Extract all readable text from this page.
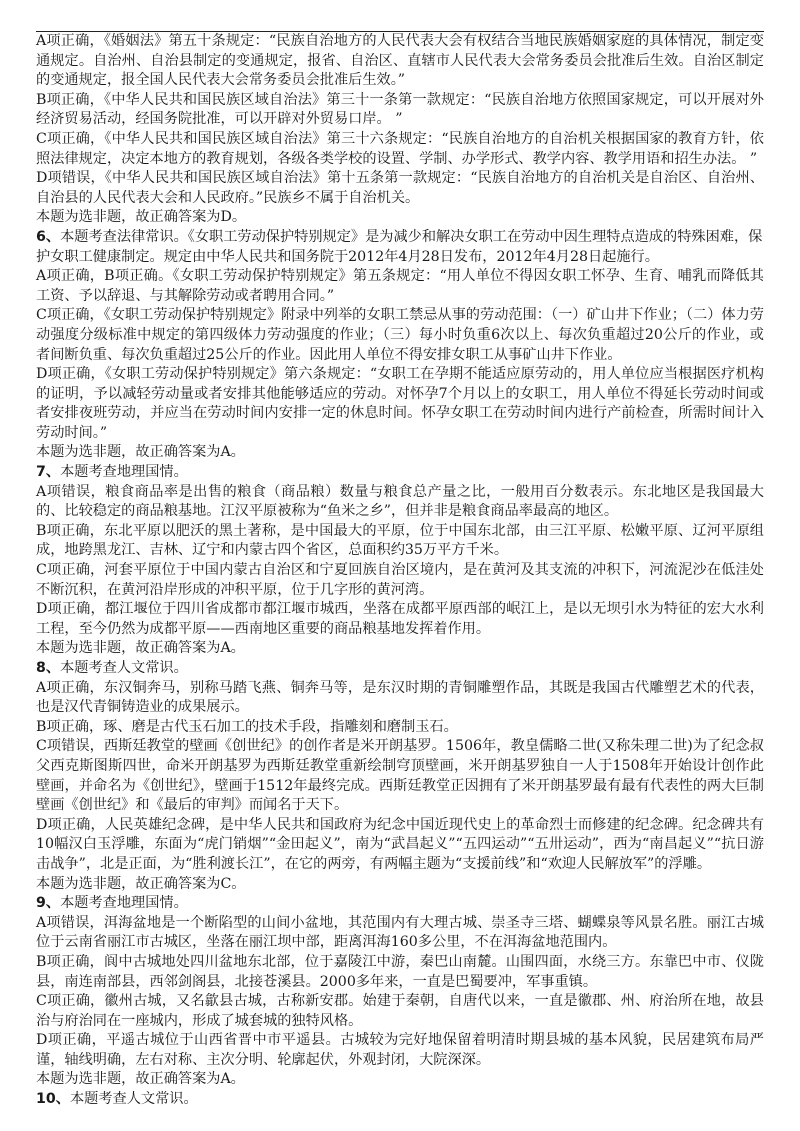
A项正确，《婚姻法》第五十条规定：“民族自治地方的人民代表大会有权结合当地民族婚姻家庭的具体情况，制定变通规定。自治州、自治县制定的变通规定，报省、自治区、直辖市人民代表大会常务委员会批准后生效。自治区制定的变通规定，报全国人民代表大会常务委员会批准后生效。”

B项正确，《中华人民共和国民族区域自治法》第三十一条第一款规定：“民族自治地方依照国家规定，可以开展对外经济贸易活动，经国务院批准，可以开辟对外贸易口岸。 ”

C项正确，《中华人民共和国民族区域自治法》第三十六条规定：“民族自治地方的自治机关根据国家的教育方针，依照法律规定，决定本地方的教育规划，各级各类学校的设置、学制、办学形式、教学内容、教学用语和招生办法。 ”

D项错误，《中华人民共和国民族区域自治法》第十五条第一款规定：“民族自治地方的自治机关是自治区、自治州、自治县的人民代表大会和人民政府。”民族乡不属于自治机关。

本题为选非题，故正确答案为D。

6、本题考查法律常识。《女职工劳动保护特别规定》是为减少和解决女职工在劳动中因生理特点造成的特殊困难，保护女职工健康制定。规定由中华人民共和国务院于2012年4月28日发布，2012年4月28日起施行。

A项正确，B项正确。《女职工劳动保护特别规定》第五条规定：“用人单位不得因女职工怀孕、生育、哺乳而降低其工资、予以辞退、与其解除劳动或者聘用合同。”

C项正确，《女职工劳动保护特别规定》附录中列举的女职工禁忌从事的劳动范围：（一）矿山井下作业；（二）体力劳动强度分级标准中规定的第四级体力劳动强度的作业；（三）每小时负重6次以上、每次负重超过20公斤的作业，或者间断负重、每次负重超过25公斤的作业。因此用人单位不得安排女职工从事矿山井下作业。

D项正确，《女职工劳动保护特别规定》第六条规定：“女职工在孕期不能适应原劳动的，用人单位应当根据医疗机构的证明，予以减轻劳动量或者安排其他能够适应的劳动。对怀孕7个月以上的女职工，用人单位不得延长劳动时间或者安排夜班劳动，并应当在劳动时间内安排一定的休息时间。怀孕女职工在劳动时间内进行产前检查，所需时间计入劳动时间。”

本题为选非题，故正确答案为A。

7、本题考查地理国情。

A项错误，粮食商品率是出售的粮食（商品粮）数量与粮食总产量之比，一般用百分数表示。东北地区是我国最大的、比较稳定的商品粮基地。江汉平原被称为“鱼米之乡”，但并非是粮食商品率最高的地区。

B项正确，东北平原以肥沃的黑土著称，是中国最大的平原，位于中国东北部，由三江平原、松嫩平原、辽河平原组成，地跨黑龙江、吉林、辽宁和内蒙古四个省区，总面积约35万平方千米。

C项正确，河套平原位于中国内蒙古自治区和宁夏回族自治区境内，是在黄河及其支流的冲积下，河流泥沙在低洼处不断沉积，在黄河沿岸形成的冲积平原，位于几字形的黄河湾。

D项正确，都江堰位于四川省成都市都江堰市城西，坐落在成都平原西部的岷江上，是以无坝引水为特征的宏大水利工程，至今仍然为成都平原——西南地区重要的商品粮基地发挥着作用。

本题为选非题，故正确答案为A。

8、本题考查人文常识。

A项正确，东汉铜奔马，别称马踏飞燕、铜奔马等，是东汉时期的青铜雕塑作品，其既是我国古代雕塑艺术的代表，也是汉代青铜铸造业的成果展示。

B项正确，琢、磨是古代玉石加工的技术手段，指雕刻和磨制玉石。

C项错误，西斯廷教堂的壁画《创世纪》的创作者是米开朗基罗。1506年，教皇儒略二世(又称朱理二世)为了纪念叔父西克斯图斯四世，命米开朗基罗为西斯廷教堂重新绘制穹顶壁画，米开朗基罗独自一人于1508年开始设计创作此壁画，并命名为《创世纪》，壁画于1512年最终完成。西斯廷教堂正因拥有了米开朗基罗最有最有代表性的两大巨制壁画《创世纪》和《最后的审判》而闻名于天下。

D项正确，人民英雄纪念碑，是中华人民共和国政府为纪念中国近现代史上的革命烈士而修建的纪念碑。纪念碑共有10幅汉白玉浮雕，东面为“虎门销烟”“金田起义”，南为“武昌起义”“五四运动”“五卅运动”，西为“南昌起义”“抗日游击战争”，北是正面，为“胜利渡长江”，在它的两旁，有两幅主题为“支援前线”和“欢迎人民解放军”的浮雕。

本题为选非题，故正确答案为C。

9、本题考查地理国情。

A项错误，洱海盆地是一个断陷型的山间小盆地，其范围内有大理古城、崇圣寺三塔、蝴蝶泉等风景名胜。丽江古城位于云南省丽江市古城区，坐落在丽江坝中部，距离洱海160多公里，不在洱海盆地范围内。

B项正确，阆中古城地处四川盆地东北部，位于嘉陵江中游，秦巴山南麓。山围四面，水绕三方。东靠巴中市、仪陇县，南连南部县，西邻剑阁县，北接苍溪县。2000多年来，一直是巴蜀要冲，军事重镇。

C项正确，徽州古城，又名歙县古城，古称新安郡。始建于秦朝，自唐代以来，一直是徽郡、州、府治所在地，故县治与府治同在一座城内，形成了城套城的独特风格。

D项正确，平遥古城位于山西省晋中市平遥县。古城较为完好地保留着明清时期县城的基本风貌，民居建筑布局严谨，轴线明确，左右对称、主次分明、轮廓起伏，外观封闭，大院深深。

本题为选非题，故正确答案为A。

10、本题考查人文常识。
